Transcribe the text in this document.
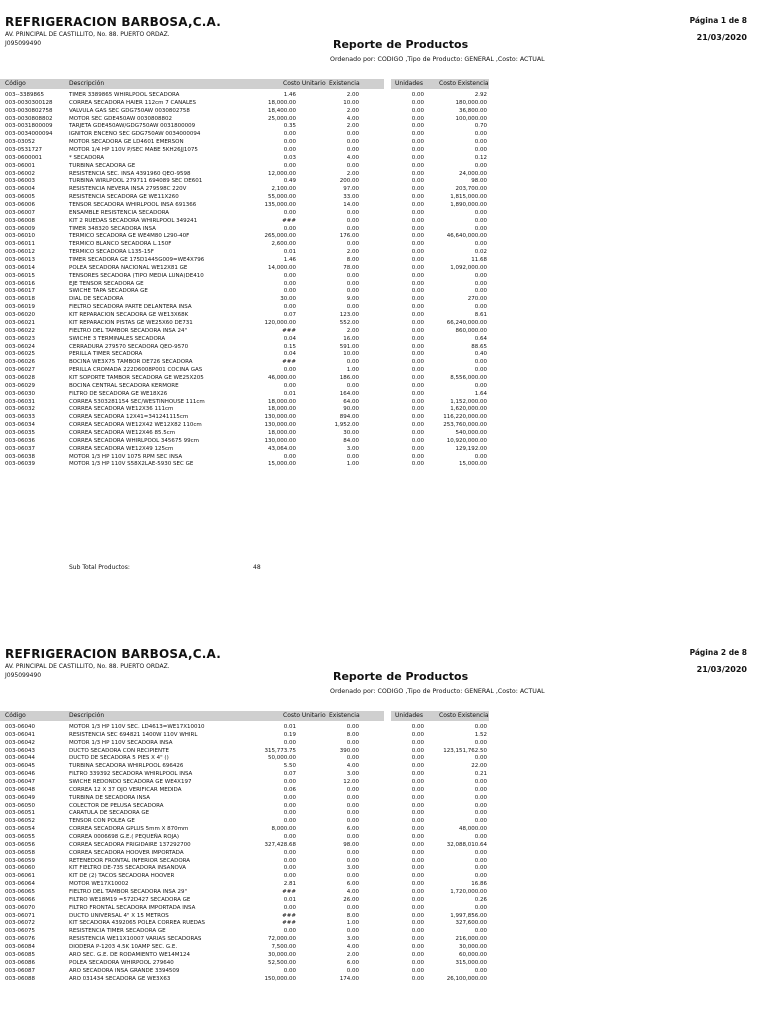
REFRIGERACION BARBOSA,C.A.
AV. PRINCIPAL DE CASTILLITO, No. 88. PUERTO ORDAZ.
J095099490
Página 1 de 8
21/03/2020
Reporte de Productos
Ordenado por: CODIGO ,Tipo de Producto: GENERAL ,Costo: ACTUAL
Código	Descripción	Costo Unitario Existencia	Unidades	Costo Existencia
003--3389865	TIMER 3389865 WHIRLPOOL SECADORA	1.46	2.00	0.00	2.92
003-0030300128	CORREA SECADORA HAIER 112cm 7 CANALES	18,000.00	10.00	0.00	180,000.00
003-0030802758	VALVULA GAS SEC GDG750AW 0030802758	18,400.00	2.00	0.00	36,800.00
003-0030808802	MOTOR SEC GDE450AW 0030808802	25,000.00	4.00	0.00	100,000.00
003-0031800009	TARJETA GDE450AW/GDG750AW 0031800009	0.35	2.00	0.00	0.70
003-0034000094	IGNITOR ENCENO SEC GDG750AW 0034000094	0.00	0.00	0.00	0.00
003-03052	MOTOR SECADORA GE LD4601 EMERSON	0.00	0.00	0.00	0.00
003-0531727	MOTOR 1/4 HP 110V P/SEC MABE 5KH26JJ1075	0.00	0.00	0.00	0.00
003-0600001	* SECADORA	0.03	4.00	0.00	0.12
003-06001	TURBINA SECADORA GE	0.00	0.00	0.00	0.00
003-06002	RESISTENCIA SEC. INSA 4391960 QEO-9598	12,000.00	2.00	0.00	24,000.00
003-06003	TURBINA WIRLPOOL 279711 694089 SEC DE601	0.49	200.00	0.00	98.00
003-06004	RESISTENCIA NEVERA INSA 279598C 220V	2,100.00	97.00	0.00	203,700.00
003-06005	RESISTENCIA SECADORA GE WE11X260	55,000.00	33.00	0.00	1,815,000.00
003-06006	TENSOR SECADORA WHIRLPOOL INSA 691366	135,000.00	14.00	0.00	1,890,000.00
003-06007	ENSAMBLE RESISTENCIA SECADORA	0.00	0.00	0.00	0.00
003-06008	KIT 2 RUEDAS SECADORA WHIRLPOOL 349241	###	0.00	0.00	0.00
003-06009	TIMER 348320 SECADORA INSA	0.00	0.00	0.00	0.00
003-06010	TERMICO SECADORA GE WE4M80 L290-40F	265,000.00	176.00	0.00	46,640,000.00
003-06011	TERMICO BLANCO SECADORA L.150F	2,600.00	0.00	0.00	0.00
003-06012	TERMICO SECADORA L135-15F	0.01	2.00	0.00	0.02
003-06013	TIMER SECADORA GE 175D1445G009=WE4X796	1.46	8.00	0.00	11.68
003-06014	POLEA SECADORA NACIONAL WE12X81 GE	14,000.00	78.00	0.00	1,092,000.00
003-06015	TENSORES SECADORA (TIPO MEDIA LUNA)DE410	0.00	0.00	0.00	0.00
003-06016	EJE TENSOR SECADORA GE	0.00	0.00	0.00	0.00
003-06017	SWICHE TAPA SECADORA GE	0.00	0.00	0.00	0.00
003-06018	DIAL DE SECADORA	30.00	9.00	0.00	270.00
003-06019	FIELTRO SECADORA PARTE DELANTERA INSA	0.00	0.00	0.00	0.00
003-06020	KIT REPARACION SECADORA GE WE13X68K	0.07	123.00	0.00	8.61
003-06021	KIT REPARACION PISTAS GE WE25X60 DE731	120,000.00	552.00	0.00	66,240,000.00
003-06022	FIELTRO DEL TAMBOR SECADORA INSA 24"	###	2.00	0.00	860,000.00
003-06023	SWICHE 3 TERMINALES SECADORA	0.04	16.00	0.00	0.64
003-06024	CERRADURA 279570 SECADORA QEO-9570	0.15	591.00	0.00	88.65
003-06025	PERILLA TIMER SECADORA	0.04	10.00	0.00	0.40
003-06026	BOCINA WE3X75 TAMBOR DE726 SECADORA	###	0.00	0.00	0.00
003-06027	PERILLA CROMADA 222D6008P001 COCINA GAS	0.00	1.00	0.00	0.00
003-06028	KIT SOPORTE TAMBOR SECADORA GE WE25X205	46,000.00	186.00	0.00	8,556,000.00
003-06029	BOCINA CENTRAL SECADORA KERMORE	0.00	0.00	0.00	0.00
003-06030	FILTRO DE SECADORA GE WE18X26	0.01	164.00	0.00	1.64
003-06031	CORREA 5303281154 SEC/WESTINHOUSE 111cm	18,000.00	64.00	0.00	1,152,000.00
003-06032	CORREA SECADORA WE12X36 111cm	18,000.00	90.00	0.00	1,620,000.00
003-06033	CORREA SECADORA 12X41=341241115cm	130,000.00	894.00	0.00	116,220,000.00
003-06034	CORREA SECADORA WE12X42 WE12X82 110cm	130,000.00	1,952.00	0.00	253,760,000.00
003-06035	CORREA SECADORA WE12X46 85.5cm	18,000.00	30.00	0.00	540,000.00
003-06036	CORREA SECADORA WHIRLPOOL 345675 99cm	130,000.00	84.00	0.00	10,920,000.00
003-06037	CORREA SECADORA WE12X49 125cm	43,064.00	3.00	0.00	129,192.00
003-06038	MOTOR 1/3 HP 110V 1075 RPM SEC INSA	0.00	0.00	0.00	0.00
003-06039	MOTOR 1/3 HP 110V S58X2LAE-5930 SEC GE	15,000.00	1.00	0.00	15,000.00
Sub Total Productos:	48
REFRIGERACION BARBOSA,C.A.
AV. PRINCIPAL DE CASTILLITO, No. 88. PUERTO ORDAZ.
J095099490
Página 2 de 8
21/03/2020
Reporte de Productos
Ordenado por: CODIGO ,Tipo de Producto: GENERAL ,Costo: ACTUAL
Código	Descripción	Costo Unitario Existencia	Unidades	Costo Existencia
003-06040	MOTOR 1/3 HP 110V SEC. LD4613=WE17X10010	0.01	0.00	0.00	0.00
003-06041	RESISTENCIA SEC 694821 1400W 110V WHIRL	0.19	8.00	0.00	1.52
003-06042	MOTOR 1/3 HP 110V SECADORA INSA	0.00	0.00	0.00	0.00
003-06043	DUCTO SECADORA CON RECIPIENTE	315,773.75	390.00	0.00	123,151,762.50
003-06044	DUCTO DE SECADORA 5 PIES X 4" ()	50,000.00	0.00	0.00	0.00
003-06045	TURBINA SECADORA WHIRLPOOL 696426	5.50	4.00	0.00	22.00
003-06046	FILTRO 339392 SECADORA WHIRLPOOL INSA	0.07	3.00	0.00	0.21
003-06047	SWICHE REDONDO SECADORA GE WE4X197	0.00	12.00	0.00	0.00
003-06048	CORREA 12 X 37 OJO VERIFICAR MEDIDA	0.06	0.00	0.00	0.00
003-06049	TURBINA DE SECADORA INSA	0.00	0.00	0.00	0.00
003-06050	COLECTOR DE PELUSA SECADORA	0.00	0.00	0.00	0.00
003-06051	CARATULA DE SECADORA GE	0.00	0.00	0.00	0.00
003-06052	TENSOR CON POLEA GE	0.00	0.00	0.00	0.00
003-06054	CORREA SECADORA GPLUS 5mm X 870mm	8,000.00	6.00	0.00	48,000.00
003-06055	CORREA 0006698 G.E.( PEQUEÑA ROJA)	0.00	0.00	0.00	0.00
003-06056	CORREA SECADORA FRIGIDAIRE 137292700	327,428.68	98.00	0.00	32,088,010.64
003-06058	CORREA SECADORA HOOVER IMPORTADA	0.00	0.00	0.00	0.00
003-06059	RETENEDOR FRONTAL INFERIOR SECADORA	0.00	0.00	0.00	0.00
003-06060	KIT FIELTRO DE-735 SECADORA INSANOVA	0.00	3.00	0.00	0.00
003-06061	KIT DE (2) TACOS SECADORA HOOVER	0.00	0.00	0.00	0.00
003-06064	MOTOR WE17X10002	2.81	6.00	0.00	16.86
003-06065	FIELTRO DEL TAMBOR SECADORA INSA 29"	###	4.00	0.00	1,720,000.00
003-06066	FILTRO WE18M19 =572D427 SECADORA GE	0.01	26.00	0.00	0.26
003-06070	FILTRO FRONTAL SECADORA IMPORTADA INSA	0.00	0.00	0.00	0.00
003-06071	DUCTO UNIVERSAL 4" X 15 METROS	###	8.00	0.00	1,997,856.00
003-06072	KIT SECADORA 4392065 POLEA CORREA RUEDAS	###	1.00	0.00	327,600.00
003-06075	RESISTENCIA TIMER SECADORA GE	0.00	0.00	0.00	0.00
003-06076	RESISTENCIA WE11X10007 VARIAS SECADORAS	72,000.00	3.00	0.00	216,000.00
003-06084	DIODERA P-1203 4.5K 10AMP SEC. G.E.	7,500.00	4.00	0.00	30,000.00
003-06085	ARO SEC. G.E. DE RODAMIENTO WE14M124	30,000.00	2.00	0.00	60,000.00
003-06086	POLEA SECADORA WHIRPOOL 279640	52,500.00	6.00	0.00	315,000.00
003-06087	ARO SECADORA INSA GRANDE 3394509	0.00	0.00	0.00	0.00
003-06088	ARO 031434 SECADORA GE WE3X63	150,000.00	174.00	0.00	26,100,000.00
